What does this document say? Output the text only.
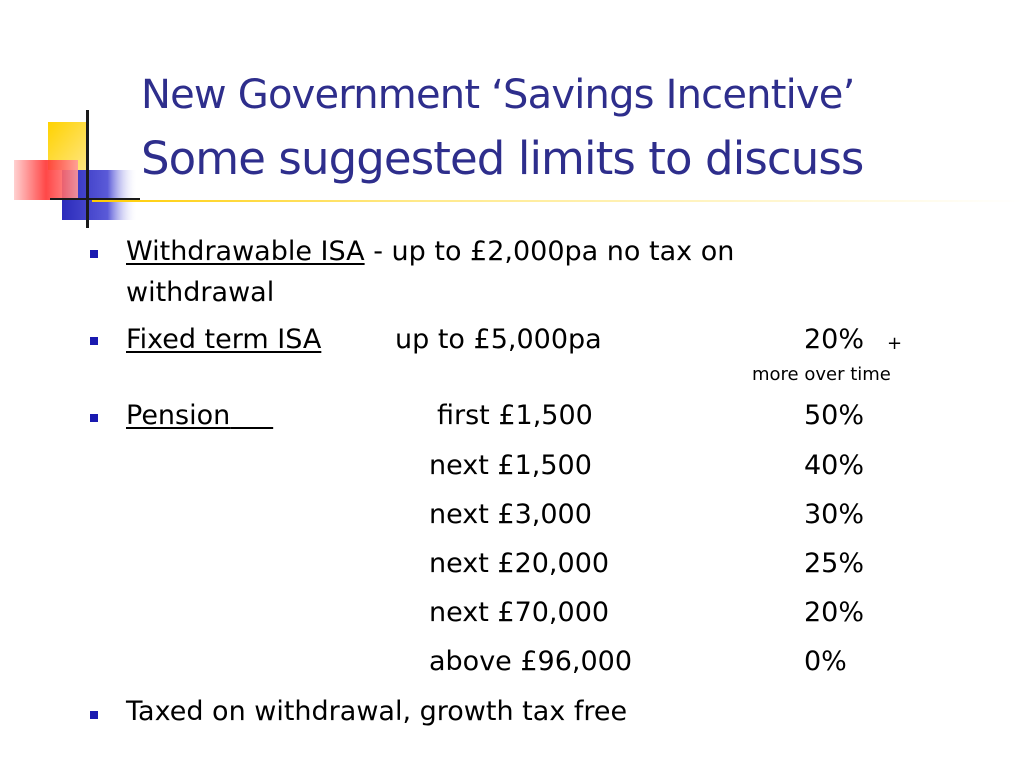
New Government ‘Savings Incentive’
Some suggested limits to discuss
Withdrawable ISA - up to £2,000pa no tax on
withdrawal
Fixed term ISA	up to £5,000pa	20% +
more over time
Pension	first £1,500	50%
next £1,500	40%
next £3,000	30%
next £20,000	25%
next £70,000	20%
above £96,000	0%
Taxed on withdrawal, growth tax free
